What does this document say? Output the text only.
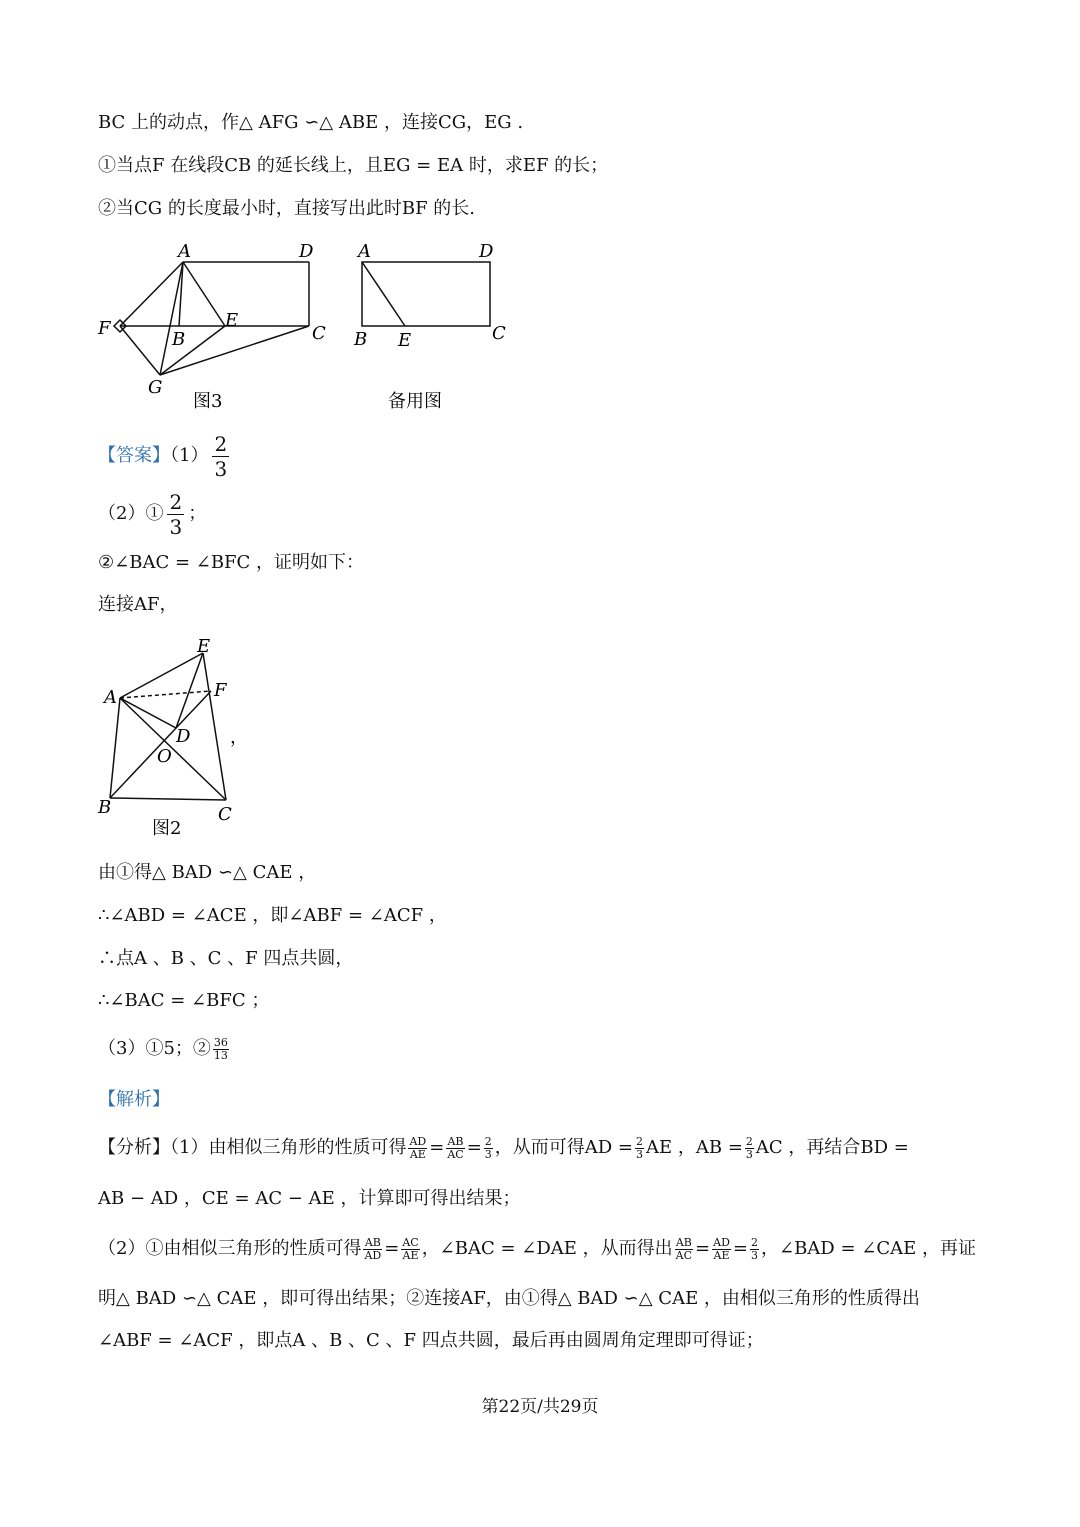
BC 上的动点，作△ AFG ∽△ ABE ，连接CG，EG .
①当点F 在线段CB 的延长线上，且EG = EA 时，求EF 的长；
②当CG 的长度最小时，直接写出此时BF 的长.
A	D
F
B
E
C
G
图3
A	D
B E	C
备用图
【答案】$(1) \frac{2}{3}$
（2）① $\frac{2}{3}$ ；
②∠BAC = ∠BFC ，证明如下：
连接AF，
E
A	F
D
O
B	C
图2
，
由①得△ BAD ∽△ CAE ，
∴∠ABD = ∠ACE ，即∠ABF = ∠ACF ，
∴点A 、B 、C 、F 四点共圆，
∴∠BAC = ∠BFC ；
（3）①5；② $\frac{36}{13}$
【解析】
【分析】（1）由相似三角形的性质可得 $\frac{AD}{AE} = \frac{AB}{AC} = \frac{2}{3}$ ，从而可得AD = $\frac{2}{3}$ AE ，AB = $\frac{2}{3}$ AC ，再结合BD =
AB − AD ，CE = AC − AE ，计算即可得出结果；
（2）①由相似三角形的性质可得 $\frac{AB}{AD} = \frac{AC}{AE}$ ，∠BAC = ∠DAE ，从而得出 $\frac{AB}{AC} = \frac{AD}{AE} = \frac{2}{3}$ ，∠BAD = ∠CAE ，再证
明△ BAD ∽△ CAE ，即可得出结果；②连接AF，由①得△ BAD ∽△ CAE ，由相似三角形的性质得出
∠ABF = ∠ACF ，即点A 、B 、C 、F 四点共圆，最后再由圆周角定理即可得证；
第22页/共29页
